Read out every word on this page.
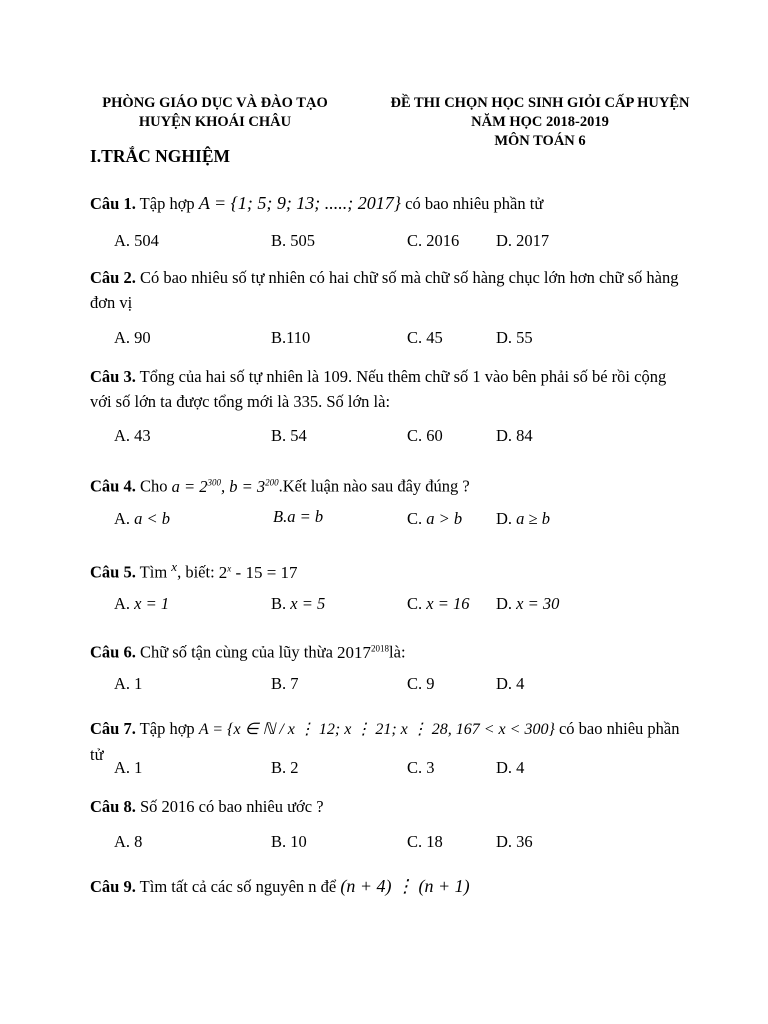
PHÒNG GIÁO DỤC VÀ ĐÀO TẠO
HUYỆN KHOÁI CHÂU
ĐỀ THI CHỌN HỌC SINH GIỎI CẤP HUYỆN
NĂM HỌC 2018-2019
MÔN TOÁN 6
I.TRẮC NGHIỆM
Câu 1. Tập hợp A = {1; 5; 9; 13; .....; 2017} có bao nhiêu phần tử
A. 504	B. 505	C. 2016 D. 2017
Câu 2. Có bao nhiêu số tự nhiên có hai chữ số mà chữ số hàng chục lớn hơn chữ số hàng đơn vị
A. 90	B.110	C. 45	D. 55
Câu 3. Tổng của hai số tự nhiên là 109. Nếu thêm chữ số 1 vào bên phải số bé rồi cộng với số lớn ta được tổng mới là 335. Số lớn là:
A. 43	B. 54	C. 60	D. 84
Câu 4. Cho $a = 2^{300}$, $b = 3^{200}.Kết$ luận nào sau đây đúng ?
A. a < b	B.a = b	C. a > b D. a ≥ b
Câu 5. Tìm $^x$, biết: 2$^x$ - 15 = 17
A. x = 1	B. x = 5	C. x = 16 D. x = 30
Câu 6. Chữ số tận cùng của lũy thừa $2017^{2018}là$:
A. 1	B. 7	C. 9	D. 4
Câu 7. Tập hợp A = {x ∈ ℕ / x ⋮ 12; x ⋮ 21; x ⋮ 28, 167 < x < 300} có bao nhiêu phần tử
A. 1	B. 2	C. 3	D. 4
Câu 8. Số 2016 có bao nhiêu ước ?
A. 8	B. 10	C. 18	D. 36
Câu 9. Tìm tất cả các số nguyên n để (n + 4) ⋮ (n + 1)
